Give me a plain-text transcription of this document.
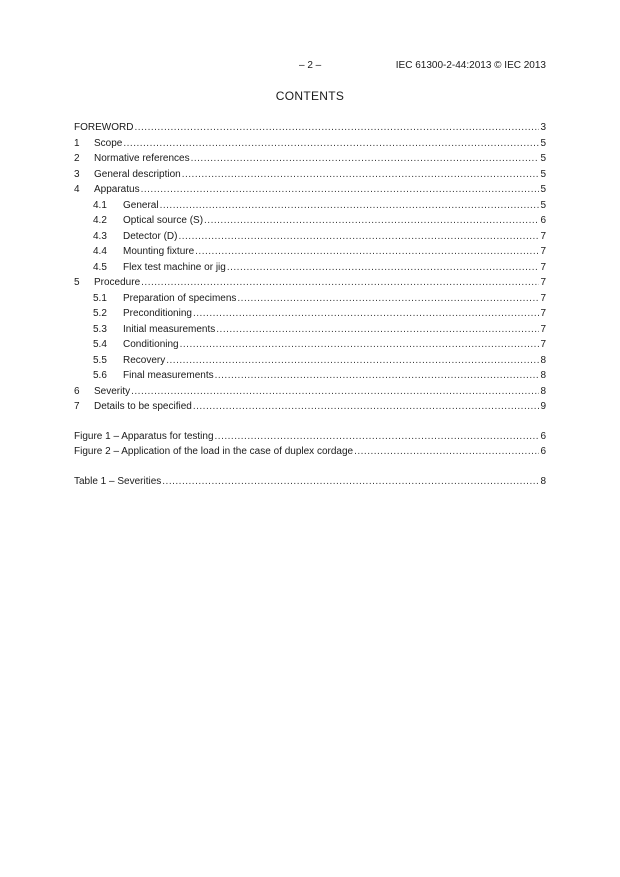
– 2 –	IEC 61300-2-44:2013 © IEC 2013
CONTENTS
FOREWORD .....	3
1	Scope .....	5
2	Normative references .....	5
3	General description .....	5
4	Apparatus .....	5
4.1	General .....	5
4.2	Optical source (S) .....	6
4.3	Detector (D) .....	7
4.4	Mounting fixture .....	7
4.5	Flex test machine or jig .....	7
5	Procedure .....	7
5.1	Preparation of specimens .....	7
5.2	Preconditioning .....	7
5.3	Initial measurements .....	7
5.4	Conditioning .....	7
5.5	Recovery .....	8
5.6	Final measurements .....	8
6	Severity .....	8
7	Details to be specified .....	9
Figure 1 – Apparatus for testing .....	6
Figure 2 – Application of the load in the case of duplex cordage .....	6
Table 1 – Severities .....	8
